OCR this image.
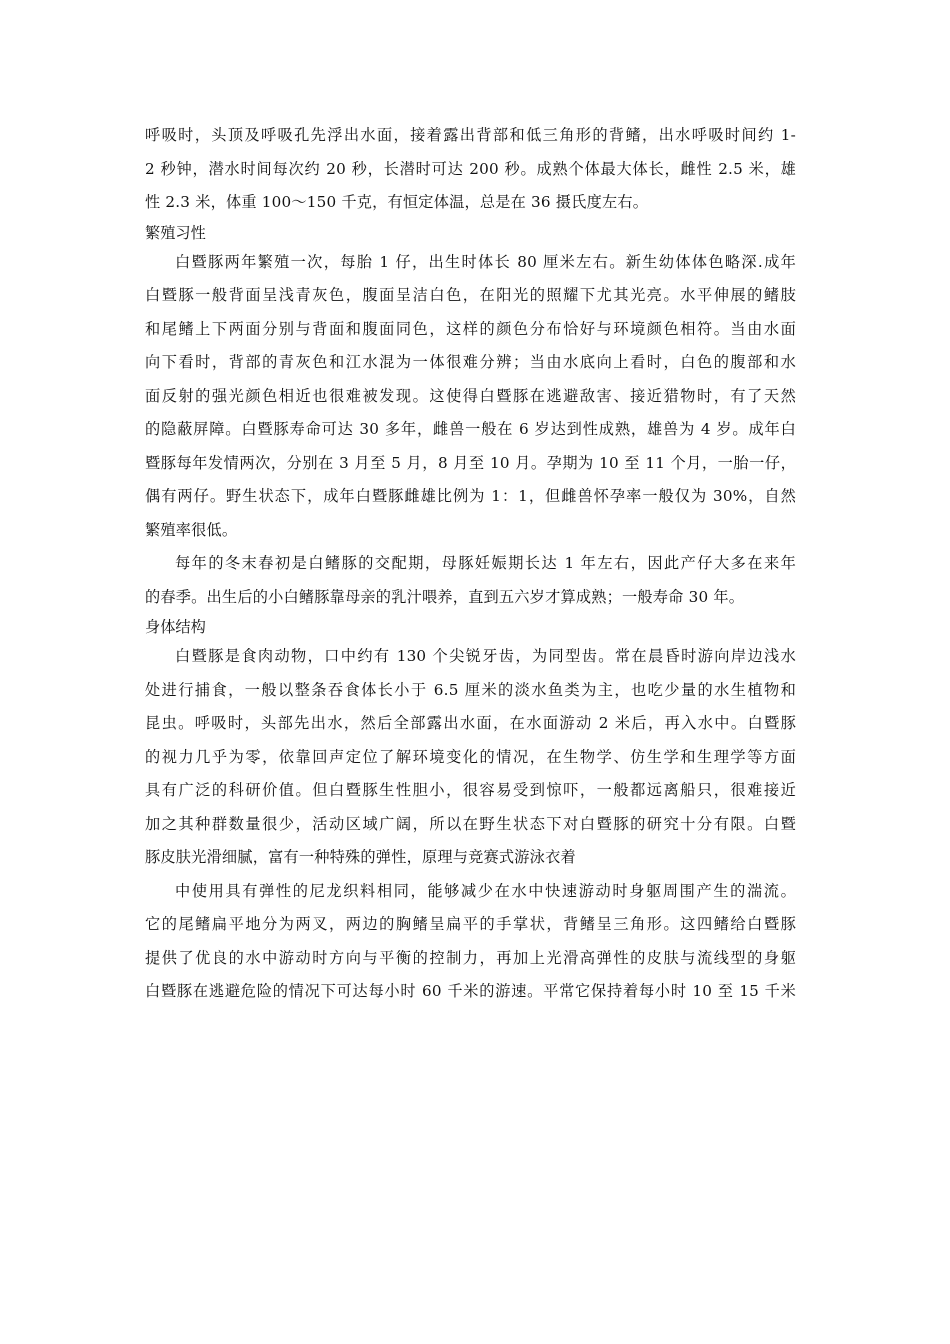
呼吸时，头顶及呼吸孔先浮出水面，接着露出背部和低三角形的背鳍，出水呼吸时间约 1-
2 秒钟，潜水时间每次约 20 秒，长潜时可达 200 秒。成熟个体最大体长，雌性 2.5 米，雄
性 2.3 米，体重 100～150 千克，有恒定体温，总是在 36 摄氏度左右。
繁殖习性
白暨豚两年繁殖一次，每胎 1 仔，出生时体长 80 厘米左右。新生幼体体色略深.成年
白暨豚一般背面呈浅青灰色，腹面呈洁白色，在阳光的照耀下尤其光亮。水平伸展的鳍肢
和尾鳍上下两面分别与背面和腹面同色，这样的颜色分布恰好与环境颜色相符。当由水面
向下看时，背部的青灰色和江水混为一体很难分辨；当由水底向上看时，白色的腹部和水
面反射的强光颜色相近也很难被发现。这使得白暨豚在逃避敌害、接近猎物时，有了天然
的隐蔽屏障。白暨豚寿命可达 30 多年，雌兽一般在 6 岁达到性成熟，雄兽为 4 岁。成年白
暨豚每年发情两次，分别在 3 月至 5 月，8 月至 10 月。孕期为 10 至 11 个月，一胎一仔，
偶有两仔。野生状态下，成年白暨豚雌雄比例为 1：1，但雌兽怀孕率一般仅为 30%，自然
繁殖率很低。
每年的冬末春初是白鳍豚的交配期，母豚妊娠期长达 1 年左右，因此产仔大多在来年
的春季。出生后的小白鳍豚靠母亲的乳汁喂养，直到五六岁才算成熟；一般寿命 30 年。
身体结构
白暨豚是食肉动物，口中约有 130 个尖锐牙齿，为同型齿。常在晨昏时游向岸边浅水
处进行捕食，一般以整条吞食体长小于 6.5 厘米的淡水鱼类为主，也吃少量的水生植物和
昆虫。呼吸时，头部先出水，然后全部露出水面，在水面游动 2 米后，再入水中。白暨豚
的视力几乎为零，依靠回声定位了解环境变化的情况，在生物学、仿生学和生理学等方面
具有广泛的科研价值。但白暨豚生性胆小，很容易受到惊吓，一般都远离船只，很难接近
加之其种群数量很少，活动区域广阔，所以在野生状态下对白暨豚的研究十分有限。白暨
豚皮肤光滑细腻，富有一种特殊的弹性，原理与竞赛式游泳衣着
中使用具有弹性的尼龙织料相同，能够减少在水中快速游动时身躯周围产生的湍流。
它的尾鳍扁平地分为两叉，两边的胸鳍呈扁平的手掌状，背鳍呈三角形。这四鳍给白暨豚
提供了优良的水中游动时方向与平衡的控制力，再加上光滑高弹性的皮肤与流线型的身躯
白暨豚在逃避危险的情况下可达每小时 60 千米的游速。平常它保持着每小时 10 至 15 千米
